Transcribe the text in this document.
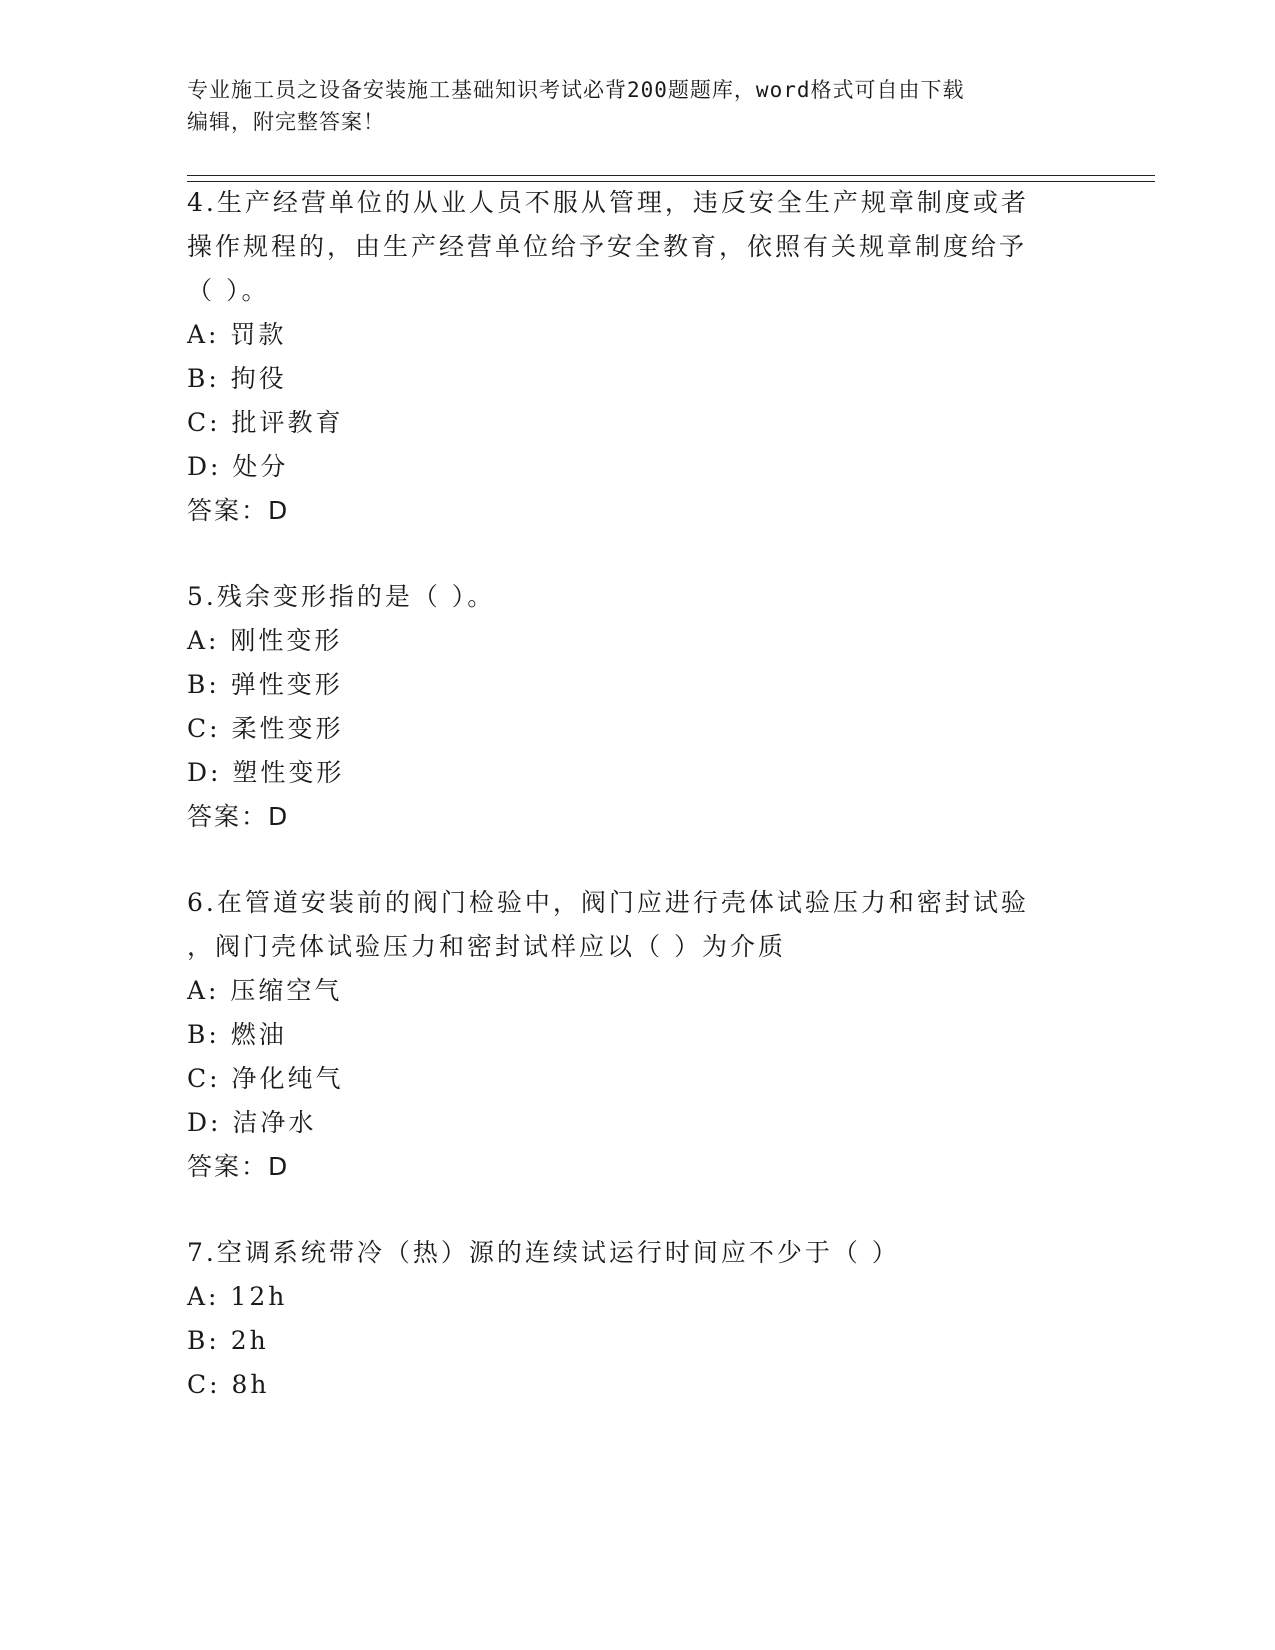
专业施工员之设备安装施工基础知识考试必背200题题库，word格式可自由下载
编辑，附完整答案！
4.生产经营单位的从业人员不服从管理，违反安全生产规章制度或者
操作规程的，由生产经营单位给予安全教育，依照有关规章制度给予
（ ）。
A: 罚款
B: 拘役
C: 批评教育
D: 处分
答案：D
5.残余变形指的是（ ）。
A: 刚性变形
B: 弹性变形
C: 柔性变形
D: 塑性变形
答案：D
6.在管道安装前的阀门检验中，阀门应进行壳体试验压力和密封试验
，阀门壳体试验压力和密封试样应以（ ）为介质
A: 压缩空气
B: 燃油
C: 净化纯气
D: 洁净水
答案：D
7.空调系统带冷（热）源的连续试运行时间应不少于（ ）
A: 12h
B: 2h
C: 8h
